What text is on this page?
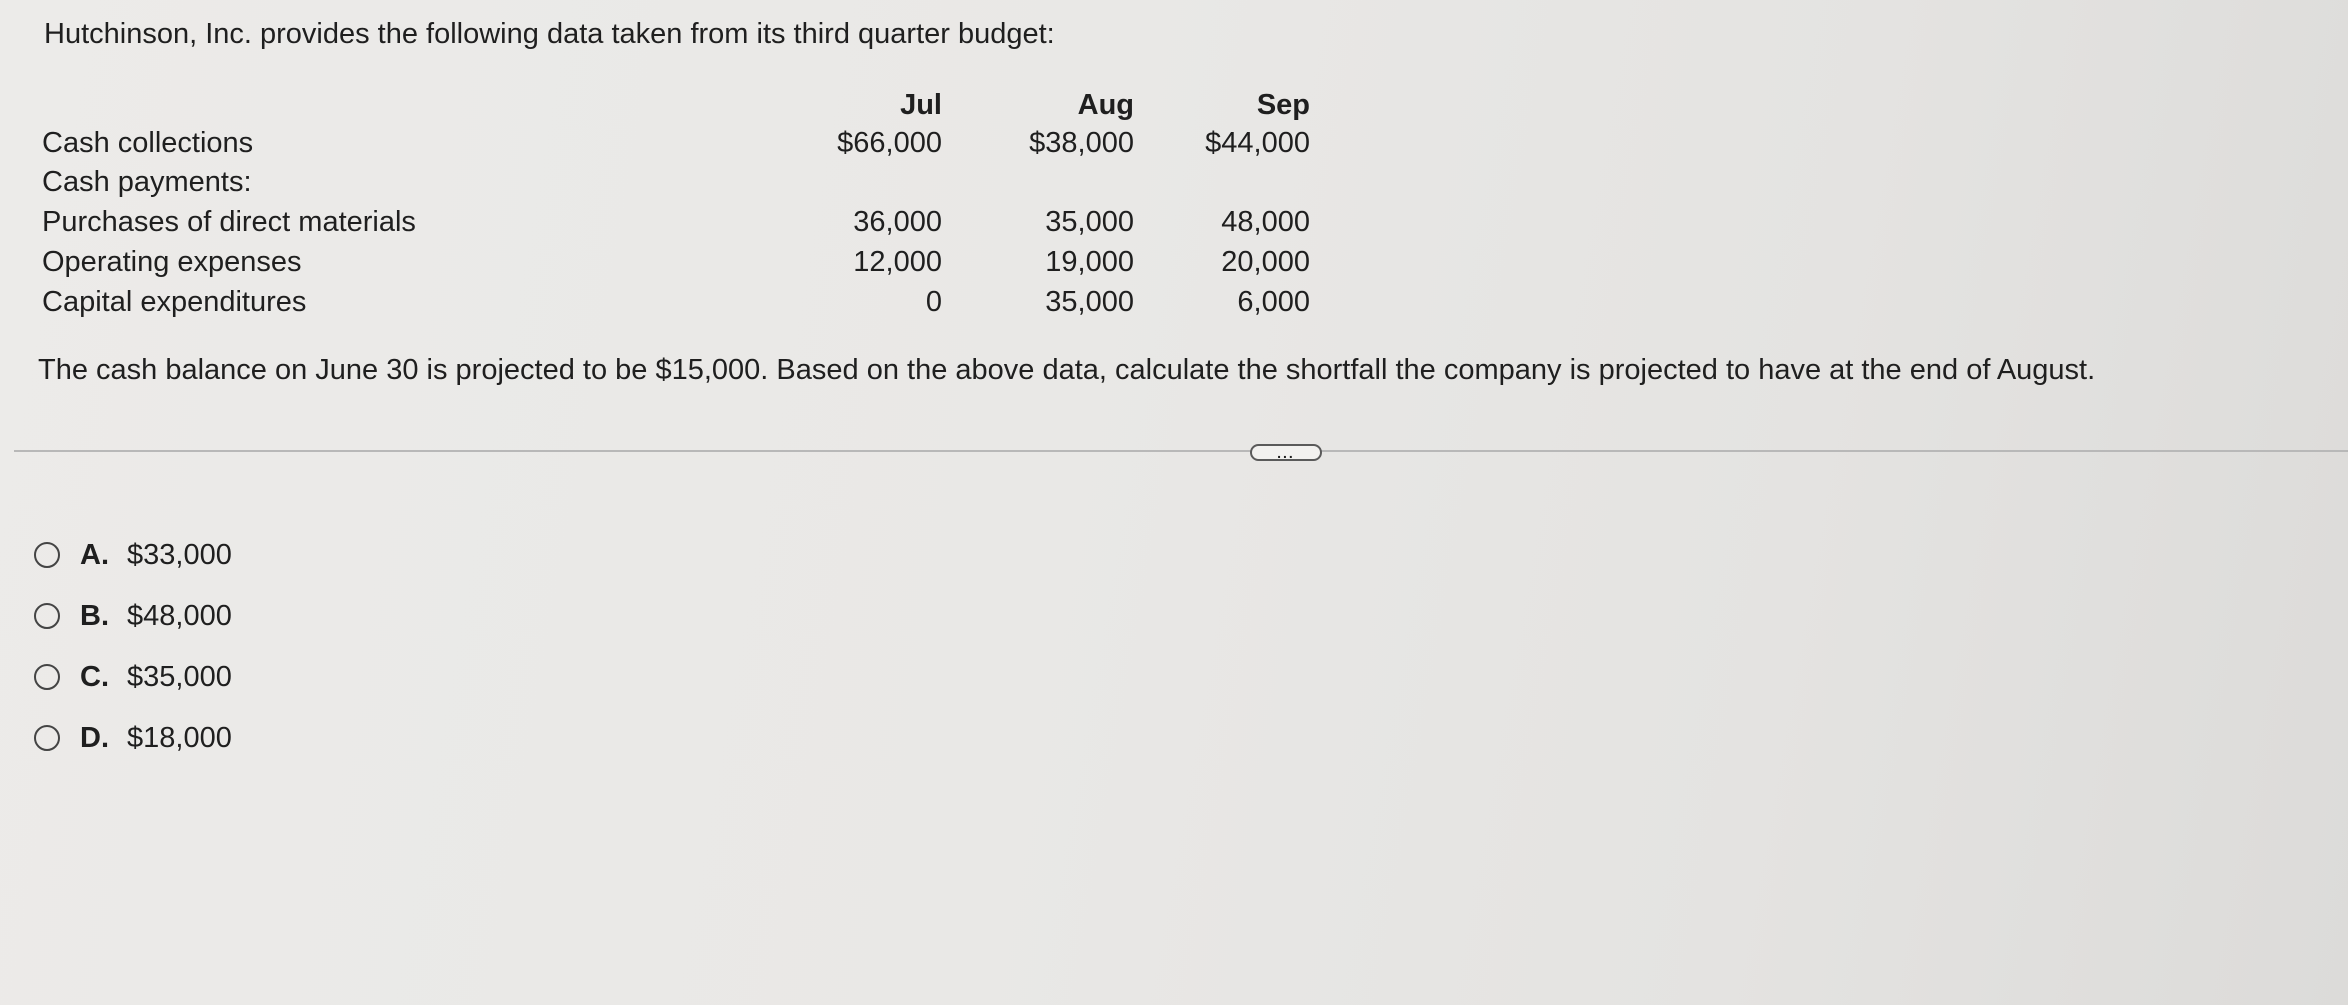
Hutchinson, Inc. provides the following data taken from its third quarter budget:
	Jul	Aug	Sep
Cash collections	$66,000	$38,000	$44,000
Cash payments:			
Purchases of direct materials	36,000	35,000	48,000
Operating expenses	12,000	19,000	20,000
Capital expenditures	0	35,000	6,000
The cash balance on June 30 is projected to be $15,000. Based on the above data, calculate the shortfall the company is projected to have at the end of August.
...
A. $33,000
B. $48,000
C. $35,000
D. $18,000
